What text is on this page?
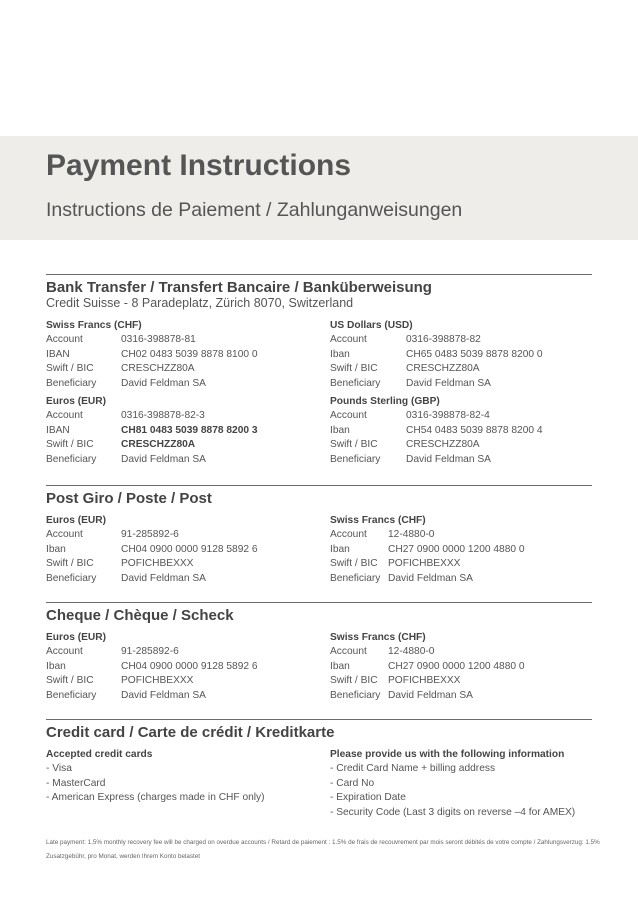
Payment Instructions
Instructions de Paiement / Zahlunganweisungen
Bank Transfer / Transfert Bancaire / Banküberweisung
Credit Suisse - 8 Paradeplatz, Zürich 8070, Switzerland
Swiss Francs (CHF)
Account	0316-398878-81
IBAN	CH02 0483 5039 8878 8100 0
Swift / BIC	CRESCHZZ80A
Beneficiary	David Feldman SA
US Dollars (USD)
Account	0316-398878-82
Iban	CH65 0483 5039 8878 8200 0
Swift / BIC	CRESCHZZ80A
Beneficiary	David Feldman SA
Euros (EUR)
Account	0316-398878-82-3
IBAN	CH81 0483 5039 8878 8200 3
Swift / BIC	CRESCHZZ80A
Beneficiary	David Feldman SA
Pounds Sterling (GBP)
Account	0316-398878-82-4
Iban	CH54 0483 5039 8878 8200 4
Swift / BIC	CRESCHZZ80A
Beneficiary	David Feldman SA
Post Giro / Poste / Post
Euros (EUR)
Account	91-285892-6
Iban	CH04 0900 0000 9128 5892 6
Swift / BIC	POFICHBEXXX
Beneficiary	David Feldman SA
Swiss Francs (CHF)
Account	12-4880-0
Iban	CH27 0900 0000 1200 4880 0
Swift / BIC	POFICHBEXXX
Beneficiary David Feldman SA
Cheque / Chèque / Scheck
Euros (EUR)
Account	91-285892-6
Iban	CH04 0900 0000 9128 5892 6
Swift / BIC	POFICHBEXXX
Beneficiary	David Feldman SA
Swiss Francs (CHF)
Account	12-4880-0
Iban	CH27 0900 0000 1200 4880 0
Swift / BIC	POFICHBEXXX
Beneficiary David Feldman SA
Credit card / Carte de crédit / Kreditkarte
Accepted credit cards
- Visa
- MasterCard
- American Express (charges made in CHF only)
Please provide us with the following information
- Credit Card Name + billing address
- Card No
- Expiration Date
- Security Code (Last 3 digits on reverse –4 for AMEX)
Late payment: 1.5% monthly recovery fee will be charged on overdue accounts / Retard de paiement : 1.5% de frais de recouvrement par mois seront débités de votre compte / Zahlungsverzug: 1.5% Zusatzgebühr, pro Monat, werden Ihrem Konto belastet
